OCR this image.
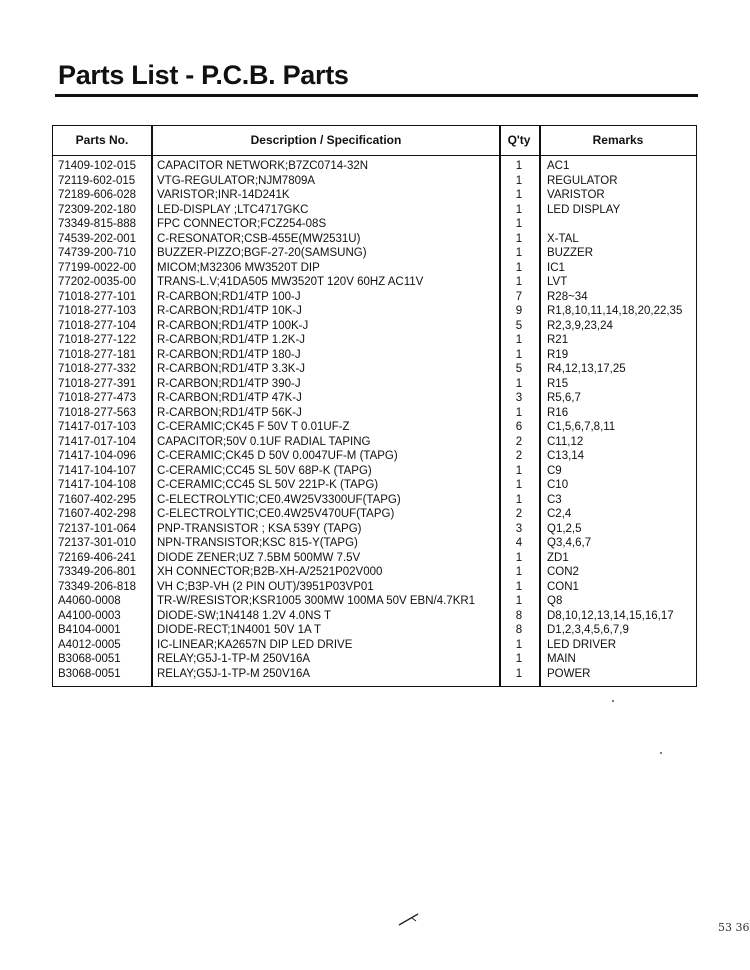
Parts List - P.C.B. Parts
Parts No.	Description / Specification	Q'ty	Remarks
71409-102-015	CAPACITOR NETWORK;B7ZC0714-32N	1	AC1
72119-602-015	VTG-REGULATOR;NJM7809A	1	REGULATOR
72189-606-028	VARISTOR;INR-14D241K	1	VARISTOR
72309-202-180	LED-DISPLAY ;LTC4717GKC	1	LED DISPLAY
73349-815-888	FPC CONNECTOR;FCZ254-08S	1
74539-202-001	C-RESONATOR;CSB-455E(MW2531U)	1	X-TAL
74739-200-710	BUZZER-PIZZO;BGF-27-20(SAMSUNG)	1	BUZZER
77199-0022-00	MICOM;M32306 MW3520T DIP	1	IC1
77202-0035-00	TRANS-L.V;41DA505 MW3520T 120V 60HZ AC11V	1	LVT
71018-277-101	R-CARBON;RD1/4TP 100-J	7	R28~34
71018-277-103	R-CARBON;RD1/4TP 10K-J	9	R1,8,10,11,14,18,20,22,35
71018-277-104	R-CARBON;RD1/4TP 100K-J	5	R2,3,9,23,24
71018-277-122	R-CARBON;RD1/4TP 1.2K-J	1	R21
71018-277-181	R-CARBON;RD1/4TP 180-J	1	R19
71018-277-332	R-CARBON;RD1/4TP 3.3K-J	5	R4,12,13,17,25
71018-277-391	R-CARBON;RD1/4TP 390-J	1	R15
71018-277-473	R-CARBON;RD1/4TP 47K-J	3	R5,6,7
71018-277-563	R-CARBON;RD1/4TP 56K-J	1	R16
71417-017-103	C-CERAMIC;CK45 F 50V T 0.01UF-Z	6	C1,5,6,7,8,11
71417-017-104	CAPACITOR;50V 0.1UF RADIAL TAPING	2	C11,12
71417-104-096	C-CERAMIC;CK45 D 50V 0.0047UF-M (TAPG)	2	C13,14
71417-104-107	C-CERAMIC;CC45 SL 50V 68P-K (TAPG)	1	C9
71417-104-108	C-CERAMIC;CC45 SL 50V 221P-K (TAPG)	1	C10
71607-402-295	C-ELECTROLYTIC;CE0.4W25V3300UF(TAPG)	1	C3
71607-402-298	C-ELECTROLYTIC;CE0.4W25V470UF(TAPG)	2	C2,4
72137-101-064	PNP-TRANSISTOR ; KSA 539Y (TAPG)	3	Q1,2,5
72137-301-010	NPN-TRANSISTOR;KSC 815-Y(TAPG)	4	Q3,4,6,7
72169-406-241	DIODE ZENER;UZ 7.5BM 500MW 7.5V	1	ZD1
73349-206-801	XH CONNECTOR;B2B-XH-A/2521P02V000	1	CON2
73349-206-818	VH C;B3P-VH (2 PIN OUT)/3951P03VP01	1	CON1
A4060-0008	TR-W/RESISTOR;KSR1005 300MW 100MA 50V EBN/4.7KR1	1	Q8
A4100-0003	DIODE-SW;1N4148 1.2V 4.0NS T	8	D8,10,12,13,14,15,16,17
B4104-0001	DIODE-RECT;1N4001 50V 1A T	8	D1,2,3,4,5,6,7,9
A4012-0005	IC-LINEAR;KA2657N DIP LED DRIVE	1	LED DRIVER
B3068-0051	RELAY;G5J-1-TP-M 250V16A	1	MAIN
B3068-0051	RELAY;G5J-1-TP-M 250V16A	1	POWER
53 36
